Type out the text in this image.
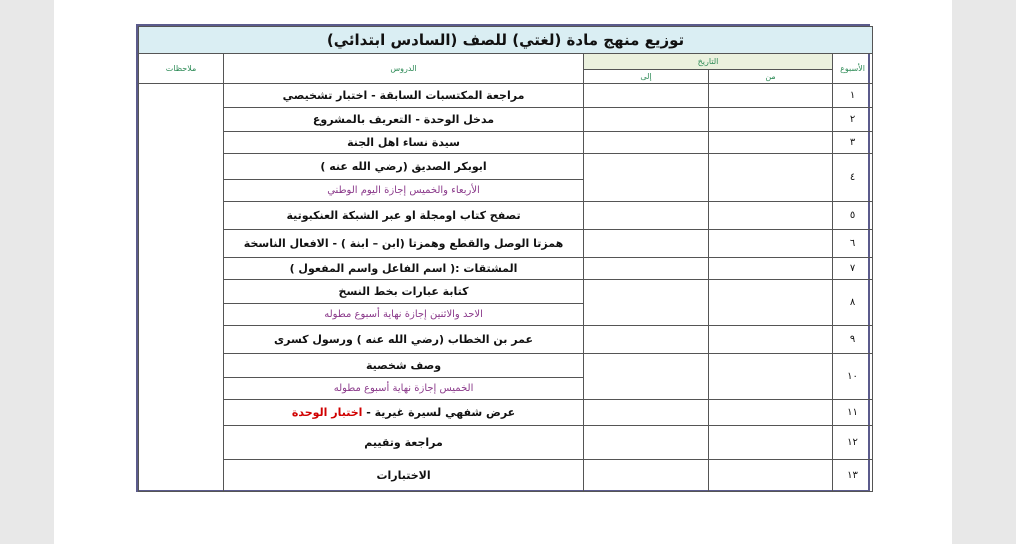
توزيع منهج مادة (لغتي) للصف (السادس ابتدائي)				
الأسبوع	التاريخ		الدروس	ملاحظات
	من	إلى		
١			مراجعة المكتسبات السابقة - اختبار تشخيصي	
٢			مدخل الوحدة - التعريف بالمشروع	
٣			سيدة نساء اهل الجنة	
٤			ابوبكر الصديق (رضي الله عنه )	
			الأربعاء والخميس إجازة اليوم الوطني	
٥			تصفح كتاب اومجلة او عبر الشبكة العنكبوتية	
٦			همزتا الوصل والقطع وهمزتا (ابن – ابنة ) - الافعال الناسخة	
٧			المشتقات :( اسم الفاعل واسم المفعول )	
٨			كتابة عبارات بخط النسخ	
			الاحد والاثنين إجازة نهاية أسبوع مطوله	
٩			عمر بن الخطاب (رضي الله عنه ) ورسول كسرى	
١٠			وصف شخصية	
			الخميس إجازة نهاية أسبوع مطوله	
١١			عرض شفهي لسيرة غيرية - اختبار الوحدة	
١٢			مراجعة وتقييم	
١٣			الاختبارات	
